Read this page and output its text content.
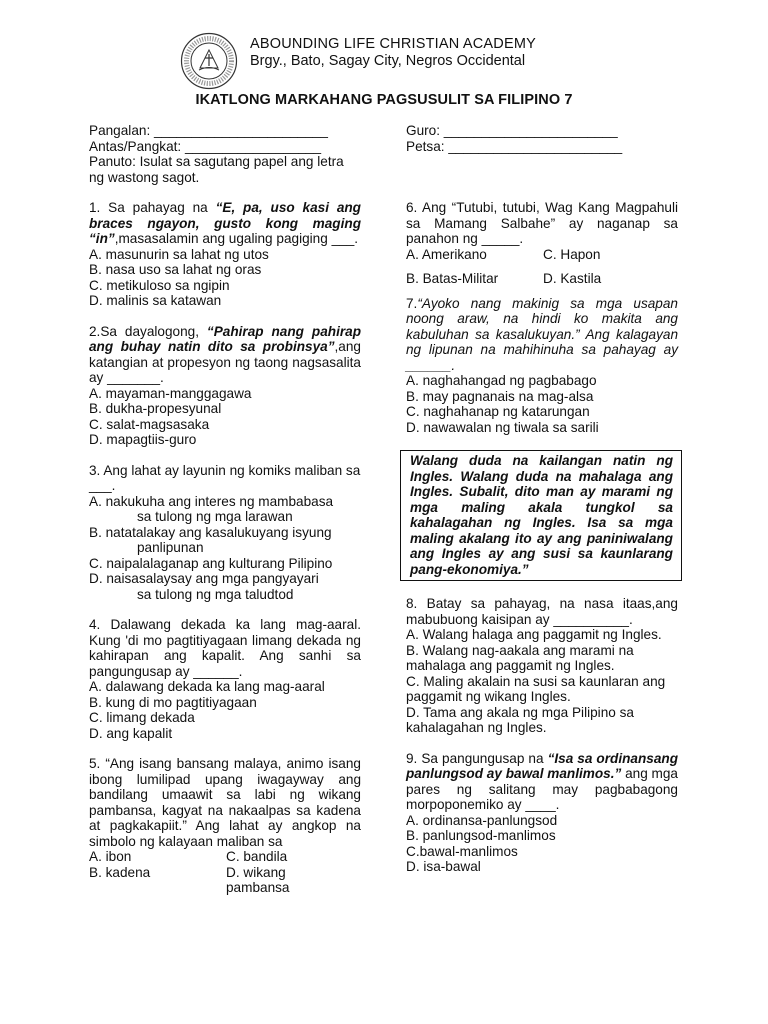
ABOUNDING LIFE CHRISTIAN ACADEMY
Brgy., Bato, Sagay City, Negros Occidental
IKATLONG MARKAHANG PAGSUSULIT SA FILIPINO 7
Pangalan: _______________________
Antas/Pangkat: __________________
Panuto: Isulat sa sagutang papel ang letra ng wastong sagot.
1. Sa pahayag na “E, pa, uso kasi ang braces ngayon, gusto kong maging “in”,masasalamin ang ugaling pagiging ___.
A. masunurin sa lahat ng utos
B. nasa uso sa lahat ng oras
C. metikuloso sa ngipin
D. malinis sa katawan
2.Sa dayalogong, “Pahirap nang pahirap ang buhay natin dito sa probinsya”,ang katangian at propesyon ng taong nagsasalita ay _______.
A. mayaman-manggagawa
B. dukha-propesyunal
C. salat-magsasaka
D. mapagtiis-guro
3. Ang lahat ay layunin ng komiks maliban sa ___.
A. nakukuha ang interes ng mambabasa
sa tulong ng mga larawan
B. natatalakay ang kasalukuyang isyung
panlipunan
C. naipalalaganap ang kulturang Pilipino
D. naisasalaysay ang mga pangyayari
sa tulong ng mga taludtod
4. Dalawang dekada ka lang mag-aaral. Kung 'di mo pagtitiyagaan limang dekada ng kahirapan ang kapalit. Ang sanhi sa pangungusap ay ______.
A. dalawang dekada ka lang mag-aaral
B. kung di mo pagtitiyagaan
C. limang dekada
D. ang kapalit
5. “Ang isang bansang malaya, animo isang ibong lumilipad upang iwagayway ang bandilang umaawit sa labi ng wikang pambansa, kagyat na nakaalpas sa kadena at pagkakapiit.” Ang lahat ay angkop na simbolo ng kalayaan maliban sa
A. ibon	C. bandila
B. kadena	D. wikang pambansa
Guro: _______________________
Petsa: _______________________
6. Ang “Tutubi, tutubi, Wag Kang Magpahuli sa Mamang Salbahe” ay naganap sa panahon ng _____.
A. Amerikano	C. Hapon
B. Batas-Militar	D. Kastila
7.“Ayoko nang makinig sa mga usapan noong araw, na hindi ko makita ang kabuluhan sa kasalukuyan.” Ang kalagayan ng lipunan na mahihinuha sa pahayag ay ______.
A. naghahangad ng pagbabago
B. may pagnanais na mag-alsa
C. naghahanap ng katarungan
D. nawawalan ng tiwala sa sarili
Walang duda na kailangan natin ng Ingles. Walang duda na mahalaga ang Ingles. Subalit, dito man ay marami ng mga maling akala tungkol sa kahalagahan ng Ingles. Isa sa mga maling akalang ito ay ang paniniwalang ang Ingles ay ang susi sa kaunlarang pang-ekonomiya.”
8. Batay sa pahayag, na nasa itaas,ang mabubuong kaisipan ay __________.
A. Walang halaga ang paggamit ng Ingles.
B. Walang nag-aakala ang marami na mahalaga ang paggamit ng Ingles.
C. Maling akalain na susi sa kaunlaran ang paggamit ng wikang Ingles.
D. Tama ang akala ng mga Pilipino sa kahalagahan ng Ingles.
9. Sa pangungusap na “Isa sa ordinansang panlungsod ay bawal manlimos.” ang mga pares ng salitang may pagbabagong morpoponemiko ay ____.
A. ordinansa-panlungsod
B. panlungsod-manlimos
C.bawal-manlimos
D. isa-bawal
